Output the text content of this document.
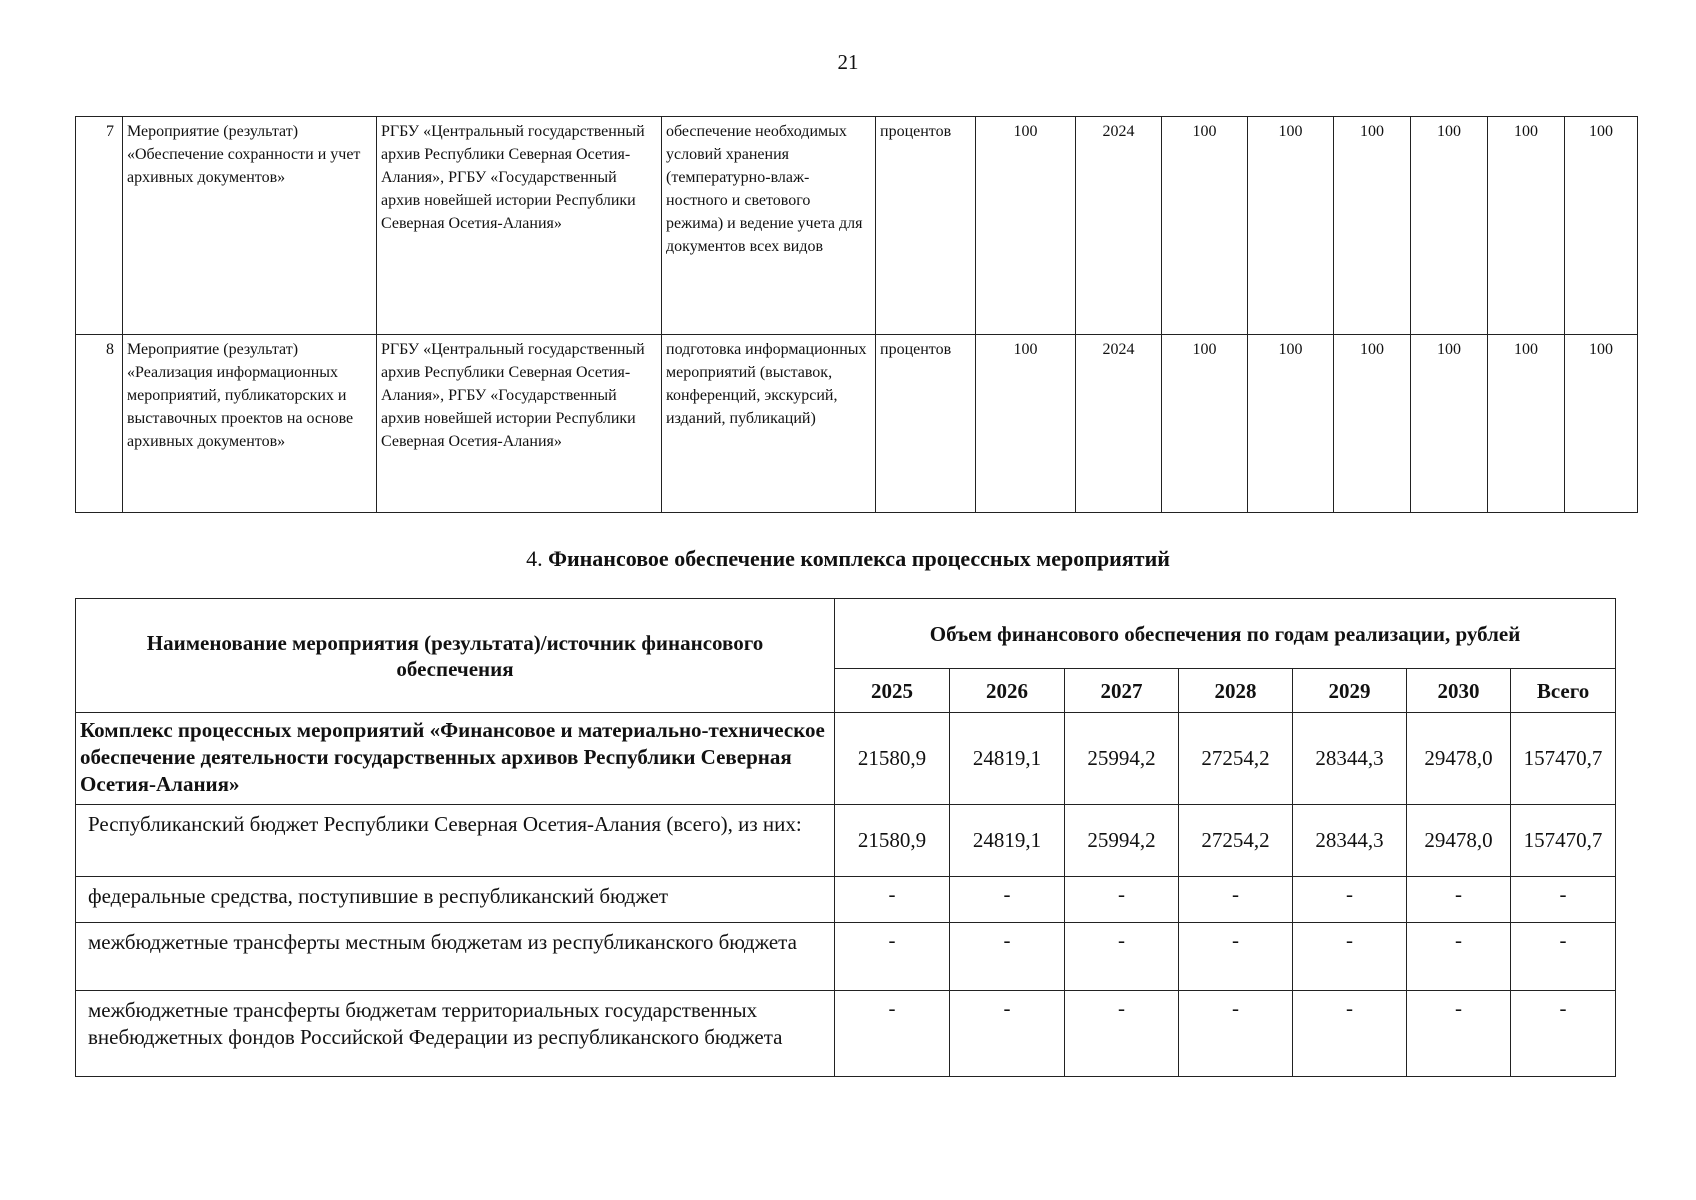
21
7	Мероприятие (результат) «Обеспечение сохранности и учет архивных документов»	РГБУ «Центральный государственный архив Республики Северная Осетия-Алания», РГБУ «Государственный архив новейшей истории Республики Северная Осетия-Алания»	обеспечение необходимых условий хранения (температурно-влаж-ностного и светового режима) и ведение учета для документов всех видов	процентов	100	2024	100	100	100	100	100	100
8	Мероприятие (результат) «Реализация информационных мероприятий, публикаторских и выставочных проектов на основе архивных документов»	РГБУ «Центральный государственный архив Республики Северная Осетия-Алания», РГБУ «Государственный архив новейшей истории Республики Северная Осетия-Алания»	подготовка информационных мероприятий (выставок, конференций, экскурсий, изданий, публикаций)	процентов	100	2024	100	100	100	100	100	100
4. Финансовое обеспечение комплекса процессных мероприятий
Наименование мероприятия (результата)/источник финансового обеспечения	Объем финансового обеспечения по годам реализации, рублей						
	2025	2026	2027	2028	2029	2030	Всего
Комплекс процессных мероприятий «Финансовое и материально-техническое обеспечение деятельности государственных архивов Республики Северная Осетия-Алания»	21580,9	24819,1	25994,2	27254,2	28344,3	29478,0	157470,7
Республиканский бюджет Республики Северная Осетия-Алания (всего), из них:	21580,9	24819,1	25994,2	27254,2	28344,3	29478,0	157470,7
федеральные средства, поступившие в республиканский бюджет	-	-	-	-	-	-	-
межбюджетные трансферты местным бюджетам из республиканского бюджета	-	-	-	-	-	-	-
межбюджетные трансферты бюджетам территориальных государственных внебюджетных фондов Российской Федерации из республиканского бюджета	-	-	-	-	-	-	-
